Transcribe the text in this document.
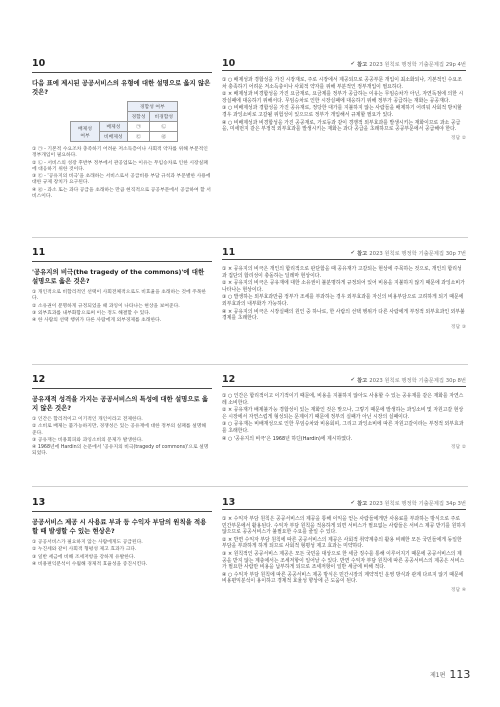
10
다음 표에 제시된 공공서비스의 유형에 대한 설명으로 옳지 않은 것은?
		경합성 여부	
		경합성	비경합성
배제성 여부	배제성	㉠	㉡
	비배제성	㉢	㉣
① ㉠ - 기본적 수요조차 충족하기 어려운 저소득층이나 사회적 약자를 위해 부분적인 정부개입이 필요하다.
② ㉡ - 서비스의 성장 후반부 정부에서 관공업또는 이유는 무임승차로 인한 시장실패에 대응하기 위한 것이다.
③ ㉢ - '공유지의 비극'을 초래하는 서비스로서 공급비용 부담 규칙과 부문별한 사용에 대한 규제 장치가 요구된다.
④ ㉣ - 과소 또는 과다 공급을 초래하는 만큼 현직적으로 공공부문에서 공급하여 할 서비스이다.
10	✔ 참고 2023 원칙로 행정학 기출문제집 29p 4번

① ○ 배제성과 경합성을 가진 시장재로, 주로 시장에서 제공되므로 공공부문 개입이 최소화되나, 기본적인 수요조차 충족하기 어려운 저소득층이나 사회적 약자를 위해 부분적인 정부개입이 필요하다.

② × 배제성과 비경합성을 가진 요금재로, 요금제를 정부가 공급하는 이유는 무임승차가 아닌, 자연독점에 의한 시장실패에 대응하기 위해서다. 무임승차로 인한 시장실패에 대응하기 위해 정부가 공급하는 재화는 공공재다.

③ ○ 비배제성과 경합성을 가진 공유재로, 정당한 대가를 지불하지 않는 사람들을 배제하기 어려워 사회적 방치할 경우 과잉소비로 고갈될 위험성이 있으므로 정부가 개입해서 규제할 필요가 있다.

④ ○ 비배제성과 비경합성을 가진 공공재로, 가로등과 같이 경쟁적 외부효과를 발생시키는 재화이므로 과소 공급을, 미세먼지 같은 부정적 외부효과를 발생시키는 재화는 과다 공급을 초래하므로 공공부문에서 공급해야 한다.

정답 ②
11
'공유지의 비극(the tragedy of the commons)'에 대한 설명으로 옳은 것은?
① 개인적으로 비합리적인 선택이 사회전체적으로도 비효율을 초래하는 것에 주목한다.
② 소유권이 분명하게 규정되었을 때 과잉이 나타나는 현상을 보여준다.
③ 외부효과를 내부화함으로써 이는 정도 해결할 수 있다.
④ 한 사람의 선택 행위가 다른 사람에게 외부경제를 초래한다.
11	✔ 참고 2023 원칙로 행정학 기출문제집 30p 7번

① × 공유지의 비극은 개인의 합리적으로 판단함을 때 공유재가 고갈되는 현상에 주목하는 것으로, 개인의 합리성과 집단의 합리성이 충돌하는 딜레마 현상이다.

② × 공유지의 비극은 공유재에 대한 소유권이 불분명하게 규정되어 있어 비용을 지불하지 않기 때문에 과잉소비가 나타나는 현상이다.

③ ○ 발생하는 외부효과만큼 정부가 조세를 부과하는 경우 외부효과를 자신의 비용부담으로 고려하게 되기 때문에 외부효과의 내부화가 가능하다.

④ × 공유지의 비극은 시장실패의 원인 중 하나로, 한 사람의 선택 행위가 다른 사람에게 부정적 외부효과인 외부불경제를 초래한다.

정답 ③
12
공유재적 성격을 가지는 공공서비스의 특성에 대한 설명으로 옳지 않은 것은?
① 인간은 합리적이고 이기적인 개인이라고 전제한다.
② 소비로 배제는 불가능하지만, 경쟁성은 있는 공유재에 대한 정부의 실패를 설명해 준다.
③ 공유재는 비용회피와 과잉소비의 문제가 발생한다.
④ 1968년에 Hardin의 논문에서 '공유지의 비극(tragedy of commons)'으로 설명되었다.
12	✔ 참고 2023 원칙로 행정학 기출문제집 30p 8번

① ○ 인간은 합리적이고 이기적이기 때문에, 비용을 지불하지 않아도 사용할 수 있는 공유재를 같은 재화를 자연스레 소비한다.

② × 공유재가 배제불가능 경합성이 있는 재화인 것은 맞으나, 그렇기 때문에 발생하는 과잉소비 및 자원고갈 현상은 시장에서 자연스럽게 형성되는 문제이기 때문에 정부의 실패가 아닌 시장의 실패이다.

③ ○ 공유재는 비배재성으로 인한 무임승차와 비용회피, 그리고 과잉소비에 따른 자원고갈이라는 부정적 외부효과를 초래한다.

④ ○ '공유지의 비극'은 1968년 하딘(Hardin)에 제시하였다.

정답 ②
13
공공서비스 제공 시 사용료 부과 등 수익자 부담의 원칙을 적용할 때 발생할 수 있는 현상은?
① 공공서비스가 필요하지 않는 사람에게도 공급된다.
② 누진세와 같이 사회적 형평성 제고 효과가 크다.
③ 일반 세금에 비해 조세저항을 강하게 유발한다.
④ 비용편익분석이 수월해 경제적 효율성을 증진시킨다.
13	✔ 참고 2023 원칙로 행정학 기출문제집 34p 3번

① × 수익자 부담 원칙은 공공서비스의 제공을 통해 이익을 얻는 사람들에게만 사용료를 부과하는 방식으로 주로 민간부문에서 활용된다. 수익자 부담 원칙을 적용하게 되면 서비스가 필요없는 사람들은 서비스 제공 받기를 원하지 않으므로 공공서비스가 불필요한 수요를 줄일 수 있다.

② × 반면 수익자 부담 원칙에 따른 공공서비스의 제공은 사회적 취약계층의 활용 비례한 모든 국민들에게 동일한 부담을 부과하게 하게 되므로 사회적 형평성 제고 효과는 미약하다.

③ × 원칙적인 공공서비스 제공은 모든 국민을 대상으로 한 세금 징수를 통해 이루어지기 때문에 공공서비스의 제공을 받지 않는 계층에서는 조세저항이 일어날 수 있다. 반면 수익자 부담 원칙에 따른 공공서비스의 제공은 서비스가 필요한 사람만 비용을 납부하게 되므로 조세저항이 일반 세금에 비해 적다.

④ ○ 수익자 부담 원칙에 따른 공공서비스 제공 방식은 민간시장의 계약적인 운영 방식과 관계 다르지 않기 때문에 비용편익분석이 용이하고 경제적 효율성 향상에 큰 도움이 된다.

정답 ④
제1편 113
